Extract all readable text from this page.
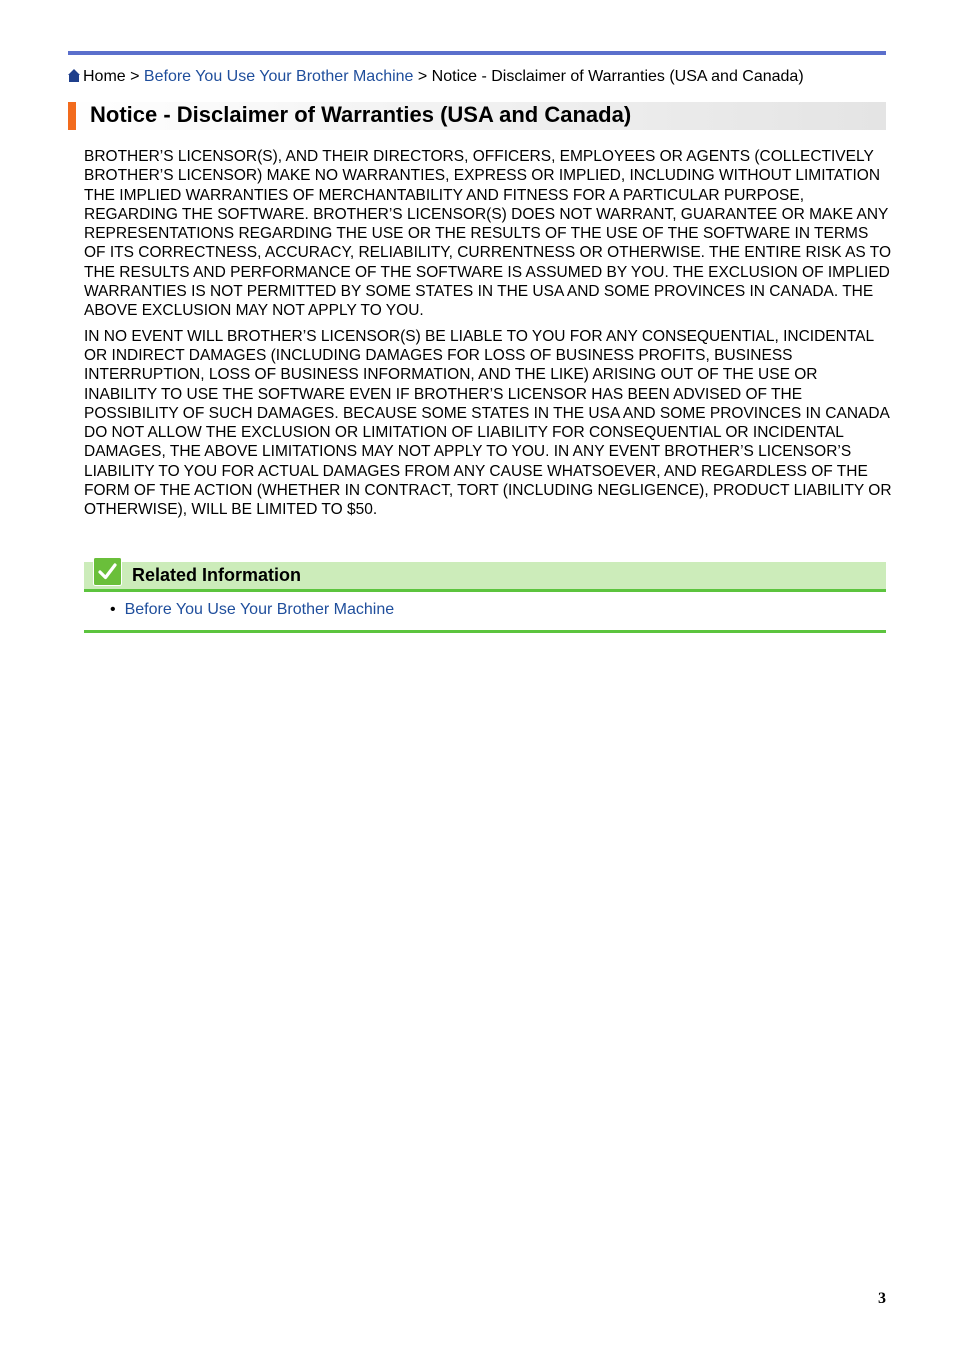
Home > Before You Use Your Brother Machine > Notice - Disclaimer of Warranties (USA and Canada)
Notice - Disclaimer of Warranties (USA and Canada)

BROTHER’S LICENSOR(S), AND THEIR DIRECTORS, OFFICERS, EMPLOYEES OR AGENTS (COLLECTIVELY BROTHER’S LICENSOR) MAKE NO WARRANTIES, EXPRESS OR IMPLIED, INCLUDING WITHOUT LIMITATION THE IMPLIED WARRANTIES OF MERCHANTABILITY AND FITNESS FOR A PARTICULAR PURPOSE, REGARDING THE SOFTWARE. BROTHER’S LICENSOR(S) DOES NOT WARRANT, GUARANTEE OR MAKE ANY REPRESENTATIONS REGARDING THE USE OR THE RESULTS OF THE USE OF THE SOFTWARE IN TERMS OF ITS CORRECTNESS, ACCURACY, RELIABILITY, CURRENTNESS OR OTHERWISE. THE ENTIRE RISK AS TO THE RESULTS AND PERFORMANCE OF THE SOFTWARE IS ASSUMED BY YOU. THE EXCLUSION OF IMPLIED WARRANTIES IS NOT PERMITTED BY SOME STATES IN THE USA AND SOME PROVINCES IN CANADA. THE ABOVE EXCLUSION MAY NOT APPLY TO YOU.

IN NO EVENT WILL BROTHER’S LICENSOR(S) BE LIABLE TO YOU FOR ANY CONSEQUENTIAL, INCIDENTAL OR INDIRECT DAMAGES (INCLUDING DAMAGES FOR LOSS OF BUSINESS PROFITS, BUSINESS INTERRUPTION, LOSS OF BUSINESS INFORMATION, AND THE LIKE) ARISING OUT OF THE USE OR INABILITY TO USE THE SOFTWARE EVEN IF BROTHER’S LICENSOR HAS BEEN ADVISED OF THE POSSIBILITY OF SUCH DAMAGES. BECAUSE SOME STATES IN THE USA AND SOME PROVINCES IN CANADA DO NOT ALLOW THE EXCLUSION OR LIMITATION OF LIABILITY FOR CONSEQUENTIAL OR INCIDENTAL DAMAGES, THE ABOVE LIMITATIONS MAY NOT APPLY TO YOU. IN ANY EVENT BROTHER’S LICENSOR’S LIABILITY TO YOU FOR ACTUAL DAMAGES FROM ANY CAUSE WHATSOEVER, AND REGARDLESS OF THE FORM OF THE ACTION (WHETHER IN CONTRACT, TORT (INCLUDING NEGLIGENCE), PRODUCT LIABILITY OR OTHERWISE), WILL BE LIMITED TO $50.

Related Information
• Before You Use Your Brother Machine
3
